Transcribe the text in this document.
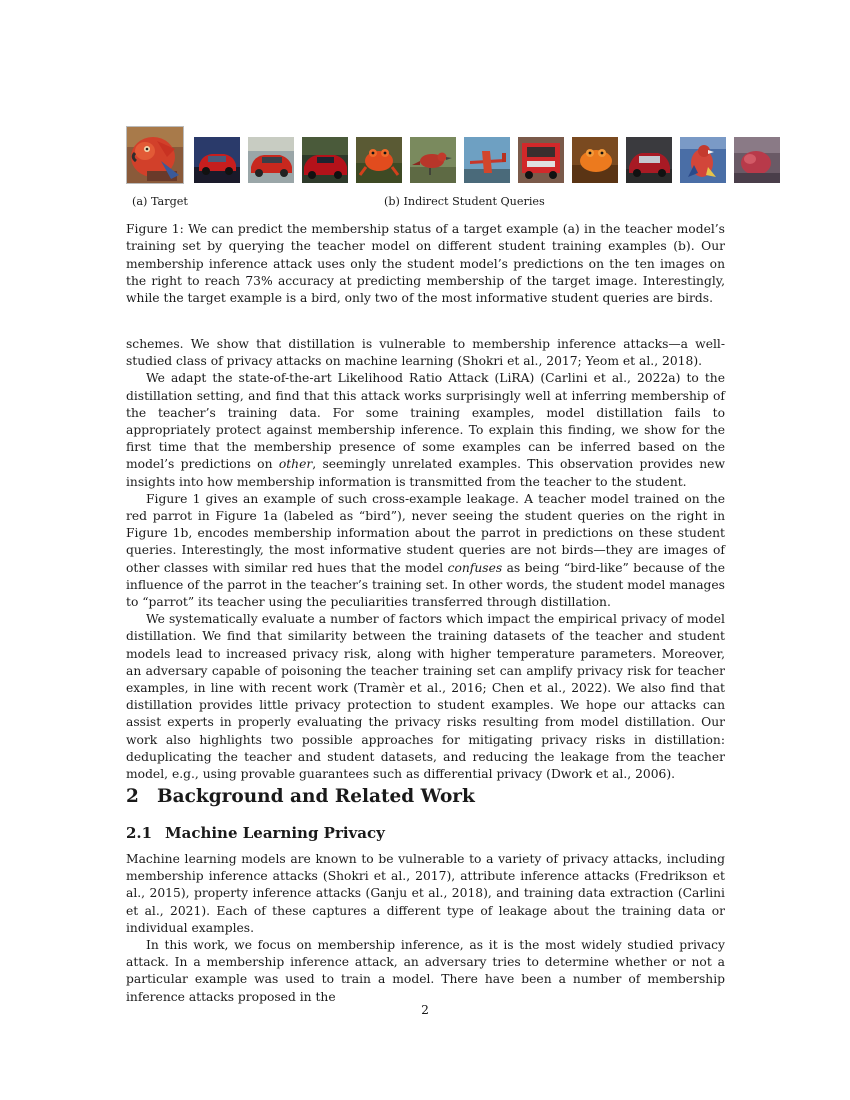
(a) Target	(b) Indirect Student Queries
Figure 1: We can predict the membership status of a target example (a) in the teacher model’s training set by querying the teacher model on different student training examples (b). Our membership inference attack uses only the student model’s predictions on the ten images on the right to reach 73% accuracy at predicting membership of the target image. Interestingly, while the target example is a bird, only two of the most informative student queries are birds.

schemes. We show that distillation is vulnerable to membership inference attacks—a well-studied class of privacy attacks on machine learning (Shokri et al., 2017; Yeom et al., 2018).

We adapt the state-of-the-art Likelihood Ratio Attack (LiRA) (Carlini et al., 2022a) to the distillation setting, and find that this attack works surprisingly well at inferring membership of the teacher’s training data. For some training examples, model distillation fails to appropriately protect against membership inference. To explain this finding, we show for the first time that the membership presence of some examples can be inferred based on the model’s predictions on other, seemingly unrelated examples. This observation provides new insights into how membership information is transmitted from the teacher to the student.

Figure 1 gives an example of such cross-example leakage. A teacher model trained on the red parrot in Figure 1a (labeled as “bird”), never seeing the student queries on the right in Figure 1b, encodes membership information about the parrot in predictions on these student queries. Interestingly, the most informative student queries are not birds—they are images of other classes with similar red hues that the model confuses as being “bird-like” because of the influence of the parrot in the teacher’s training set. In other words, the student model manages to “parrot” its teacher using the peculiarities transferred through distillation.

We systematically evaluate a number of factors which impact the empirical privacy of model distillation. We find that similarity between the training datasets of the teacher and student models lead to increased privacy risk, along with higher temperature parameters. Moreover, an adversary capable of poisoning the teacher training set can amplify privacy risk for teacher examples, in line with recent work (Tramèr et al., 2016; Chen et al., 2022). We also find that distillation provides little privacy protection to student examples. We hope our attacks can assist experts in properly evaluating the privacy risks resulting from model distillation. Our work also highlights two possible approaches for mitigating privacy risks in distillation: deduplicating the teacher and student datasets, and reducing the leakage from the teacher model, e.g., using provable guarantees such as differential privacy (Dwork et al., 2006).

2 Background and Related Work
2.1 Machine Learning Privacy

Machine learning models are known to be vulnerable to a variety of privacy attacks, including membership inference attacks (Shokri et al., 2017), attribute inference attacks (Fredrikson et al., 2015), property inference attacks (Ganju et al., 2018), and training data extraction (Carlini et al., 2021). Each of these captures a different type of leakage about the training data or individual examples.

In this work, we focus on membership inference, as it is the most widely studied privacy attack. In a membership inference attack, an adversary tries to determine whether or not a particular example was used to train a model. There have been a number of membership inference attacks proposed in the

2
